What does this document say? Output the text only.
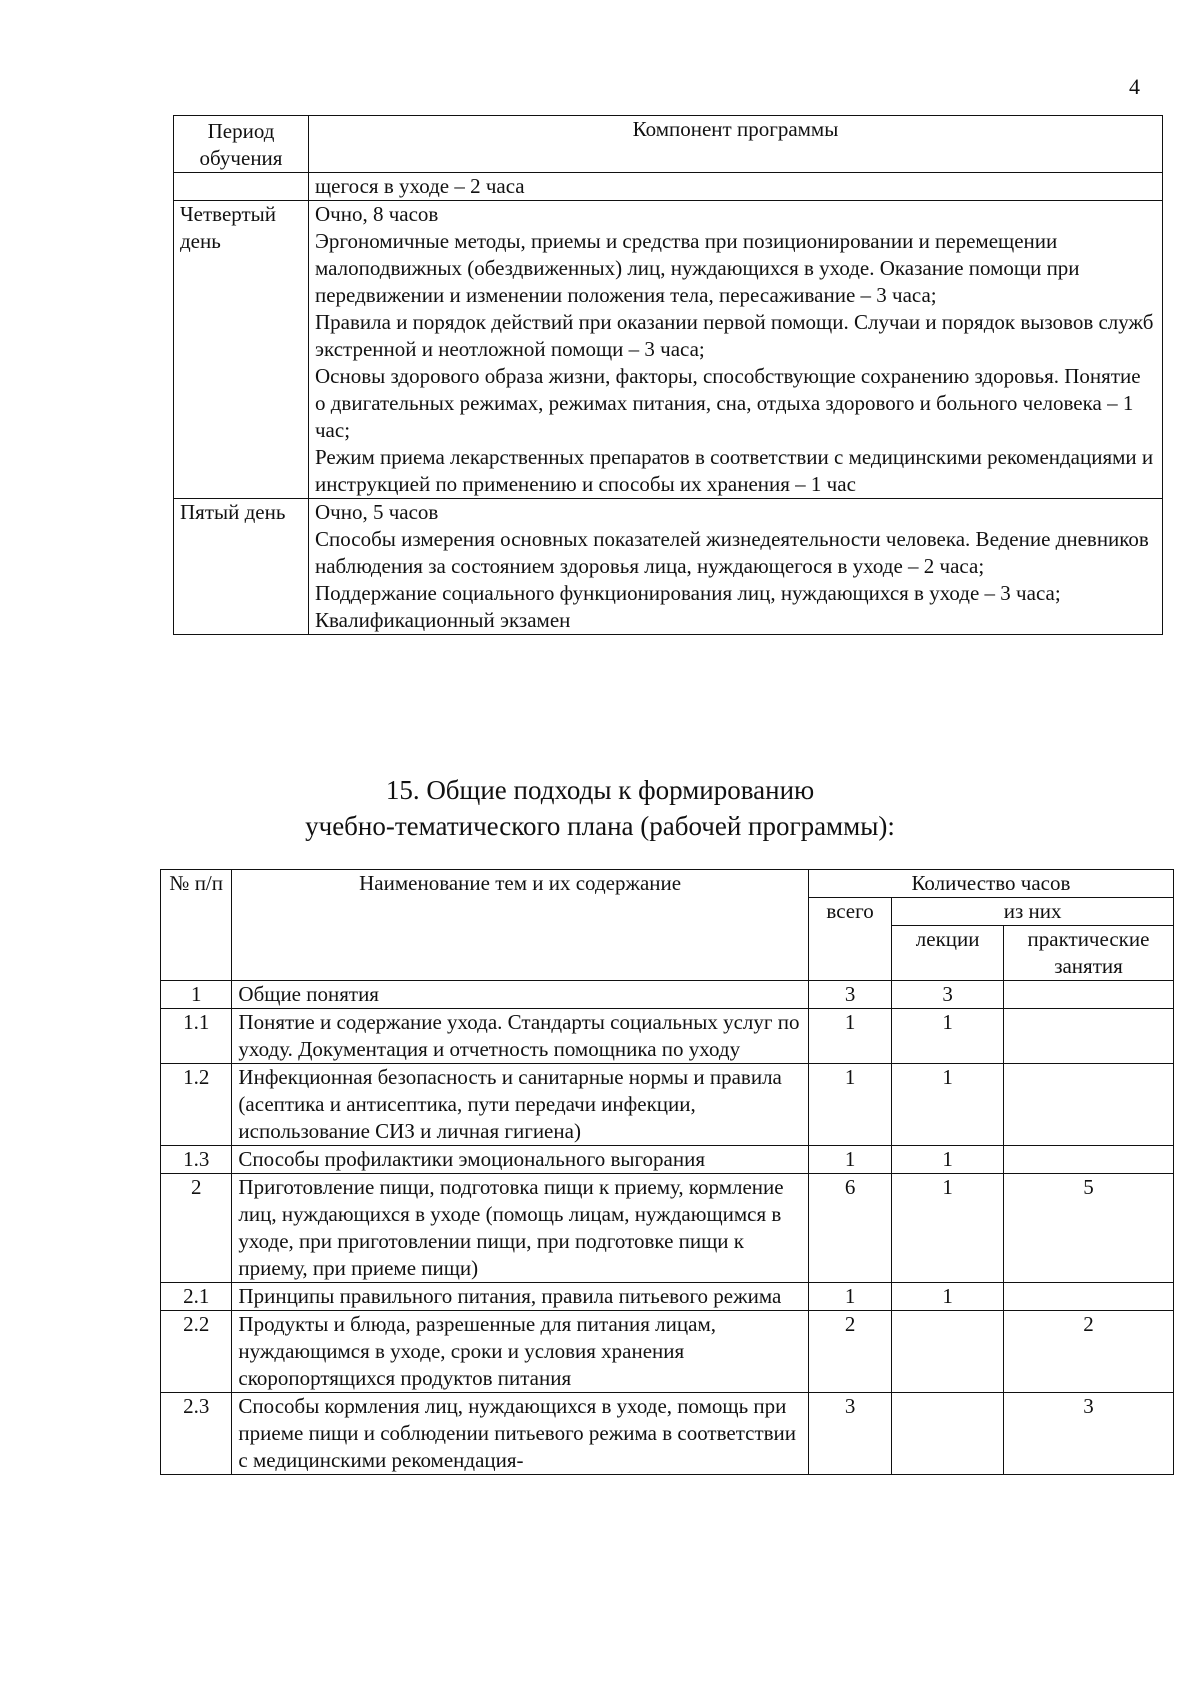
4
Период обучения	Компонент программы
	щегося в уходе – 2 часа
Четвертый день	Очно, 8 часов
Эргономичные методы, приемы и средства при позиционировании и перемещении малоподвижных (обездвиженных) лиц, нуждающихся в уходе. Оказание помощи при передвижении и изменении положения тела, пересаживание – 3 часа;
Правила и порядок действий при оказании первой помощи. Случаи и порядок вызовов служб экстренной и неотложной помощи – 3 часа;
Основы здорового образа жизни, факторы, способствующие сохранению здоровья. Понятие о двигательных режимах, режимах питания, сна, отдыха здорового и больного человека – 1 час;
Режим приема лекарственных препаратов в соответствии с медицинскими рекомендациями и инструкцией по применению и способы их хранения – 1 час

Пятый день	Очно, 5 часов
Способы измерения основных показателей жизнедеятельности человека. Ведение дневников наблюдения за состоянием здоровья лица, нуждающегося в уходе – 2 часа;
Поддержание социального функционирования лиц, нуждающихся в уходе – 3 часа;
Квалификационный экзамен
15. Общие подходы к формированию
учебно-тематического плана (рабочей программы):
№ п/п	Наименование тем и их содержание	Количество часов		
		всего	из них	
			лекции	практические занятия
1	Общие понятия	3	3	
1.1	Понятие и содержание ухода. Стандарты социальных услуг по уходу. Документация и отчетность помощника по уходу	1	1	
1.2	Инфекционная безопасность и санитарные нормы и правила (асептика и антисептика, пути передачи инфекции, использование СИЗ и личная гигиена)	1	1	
1.3	Способы профилактики эмоционального выгорания	1	1	
2	Приготовление пищи, подготовка пищи к приему, кормление лиц, нуждающихся в уходе (помощь лицам, нуждающимся в уходе, при приготовлении пищи, при подготовке пищи к приему, при приеме пищи)	6	1	5
2.1	Принципы правильного питания, правила питьевого режима	1	1	
2.2	Продукты и блюда, разрешенные для питания лицам, нуждающимся в уходе, сроки и условия хранения скоропортящихся продуктов питания	2		2
2.3	Способы кормления лиц, нуждающихся в уходе, помощь при приеме пищи и соблюдении питьевого режима в соответствии с медицинскими рекомендация-	3		3
